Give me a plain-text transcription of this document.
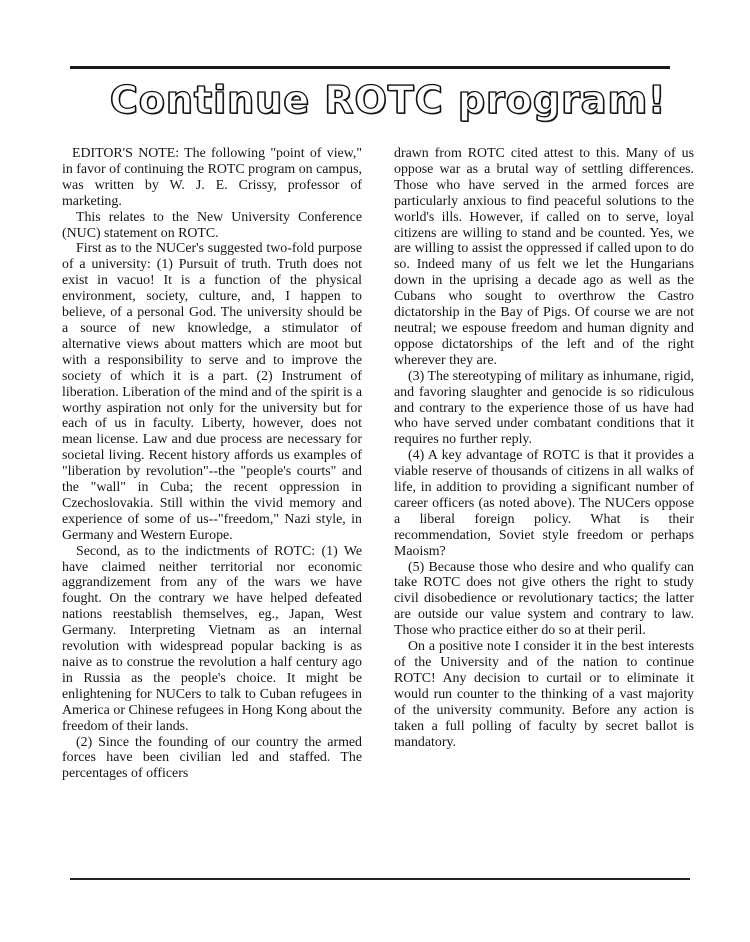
Continue ROTC program!

EDITOR'S NOTE: The following "point of view," in favor of continuing the ROTC program on campus, was written by W. J. E. Crissy, professor of marketing.

This relates to the New University Conference (NUC) statement on ROTC.

First as to the NUCer's suggested two-fold purpose of a university: (1) Pursuit of truth. Truth does not exist in vacuo! It is a function of the physical environment, society, culture, and, I happen to believe, of a personal God. The university should be a source of new knowledge, a stimulator of alternative views about matters which are moot but with a responsibility to serve and to improve the society of which it is a part. (2) Instrument of liberation. Liberation of the mind and of the spirit is a worthy aspiration not only for the university but for each of us in faculty. Liberty, however, does not mean license. Law and due process are necessary for societal living. Recent history affords us examples of "liberation by revolution"--the "people's courts" and the "wall" in Cuba; the recent oppression in Czechoslovakia. Still within the vivid memory and experience of some of us--"freedom," Nazi style, in Germany and Western Europe.

Second, as to the indictments of ROTC: (1) We have claimed neither territorial nor economic aggrandizement from any of the wars we have fought. On the contrary we have helped defeated nations reestablish themselves, eg., Japan, West Germany. Interpreting Vietnam as an internal revolution with widespread popular backing is as naive as to construe the revolution a half century ago in Russia as the people's choice. It might be enlightening for NUCers to talk to Cuban refugees in America or Chinese refugees in Hong Kong about the freedom of their lands.

(2) Since the founding of our country the armed forces have been civilian led and staffed. The percentages of officers

drawn from ROTC cited attest to this. Many of us oppose war as a brutal way of settling differences. Those who have served in the armed forces are particularly anxious to find peaceful solutions to the world's ills. However, if called on to serve, loyal citizens are willing to stand and be counted. Yes, we are willing to assist the oppressed if called upon to do so. Indeed many of us felt we let the Hungarians down in the uprising a decade ago as well as the Cubans who sought to overthrow the Castro dictatorship in the Bay of Pigs. Of course we are not neutral; we espouse freedom and human dignity and oppose dictatorships of the left and of the right wherever they are.

(3) The stereotyping of military as inhumane, rigid, and favoring slaughter and genocide is so ridiculous and contrary to the experience those of us have had who have served under combatant conditions that it requires no further reply.

(4) A key advantage of ROTC is that it provides a viable reserve of thousands of citizens in all walks of life, in addition to providing a significant number of career officers (as noted above). The NUCers oppose a liberal foreign policy. What is their recommendation, Soviet style freedom or perhaps Maoism?

(5) Because those who desire and who qualify can take ROTC does not give others the right to study civil disobedience or revolutionary tactics; the latter are outside our value system and contrary to law. Those who practice either do so at their peril.

On a positive note I consider it in the best interests of the University and of the nation to continue ROTC! Any decision to curtail or to eliminate it would run counter to the thinking of a vast majority of the university community. Before any action is taken a full polling of faculty by secret ballot is mandatory.
